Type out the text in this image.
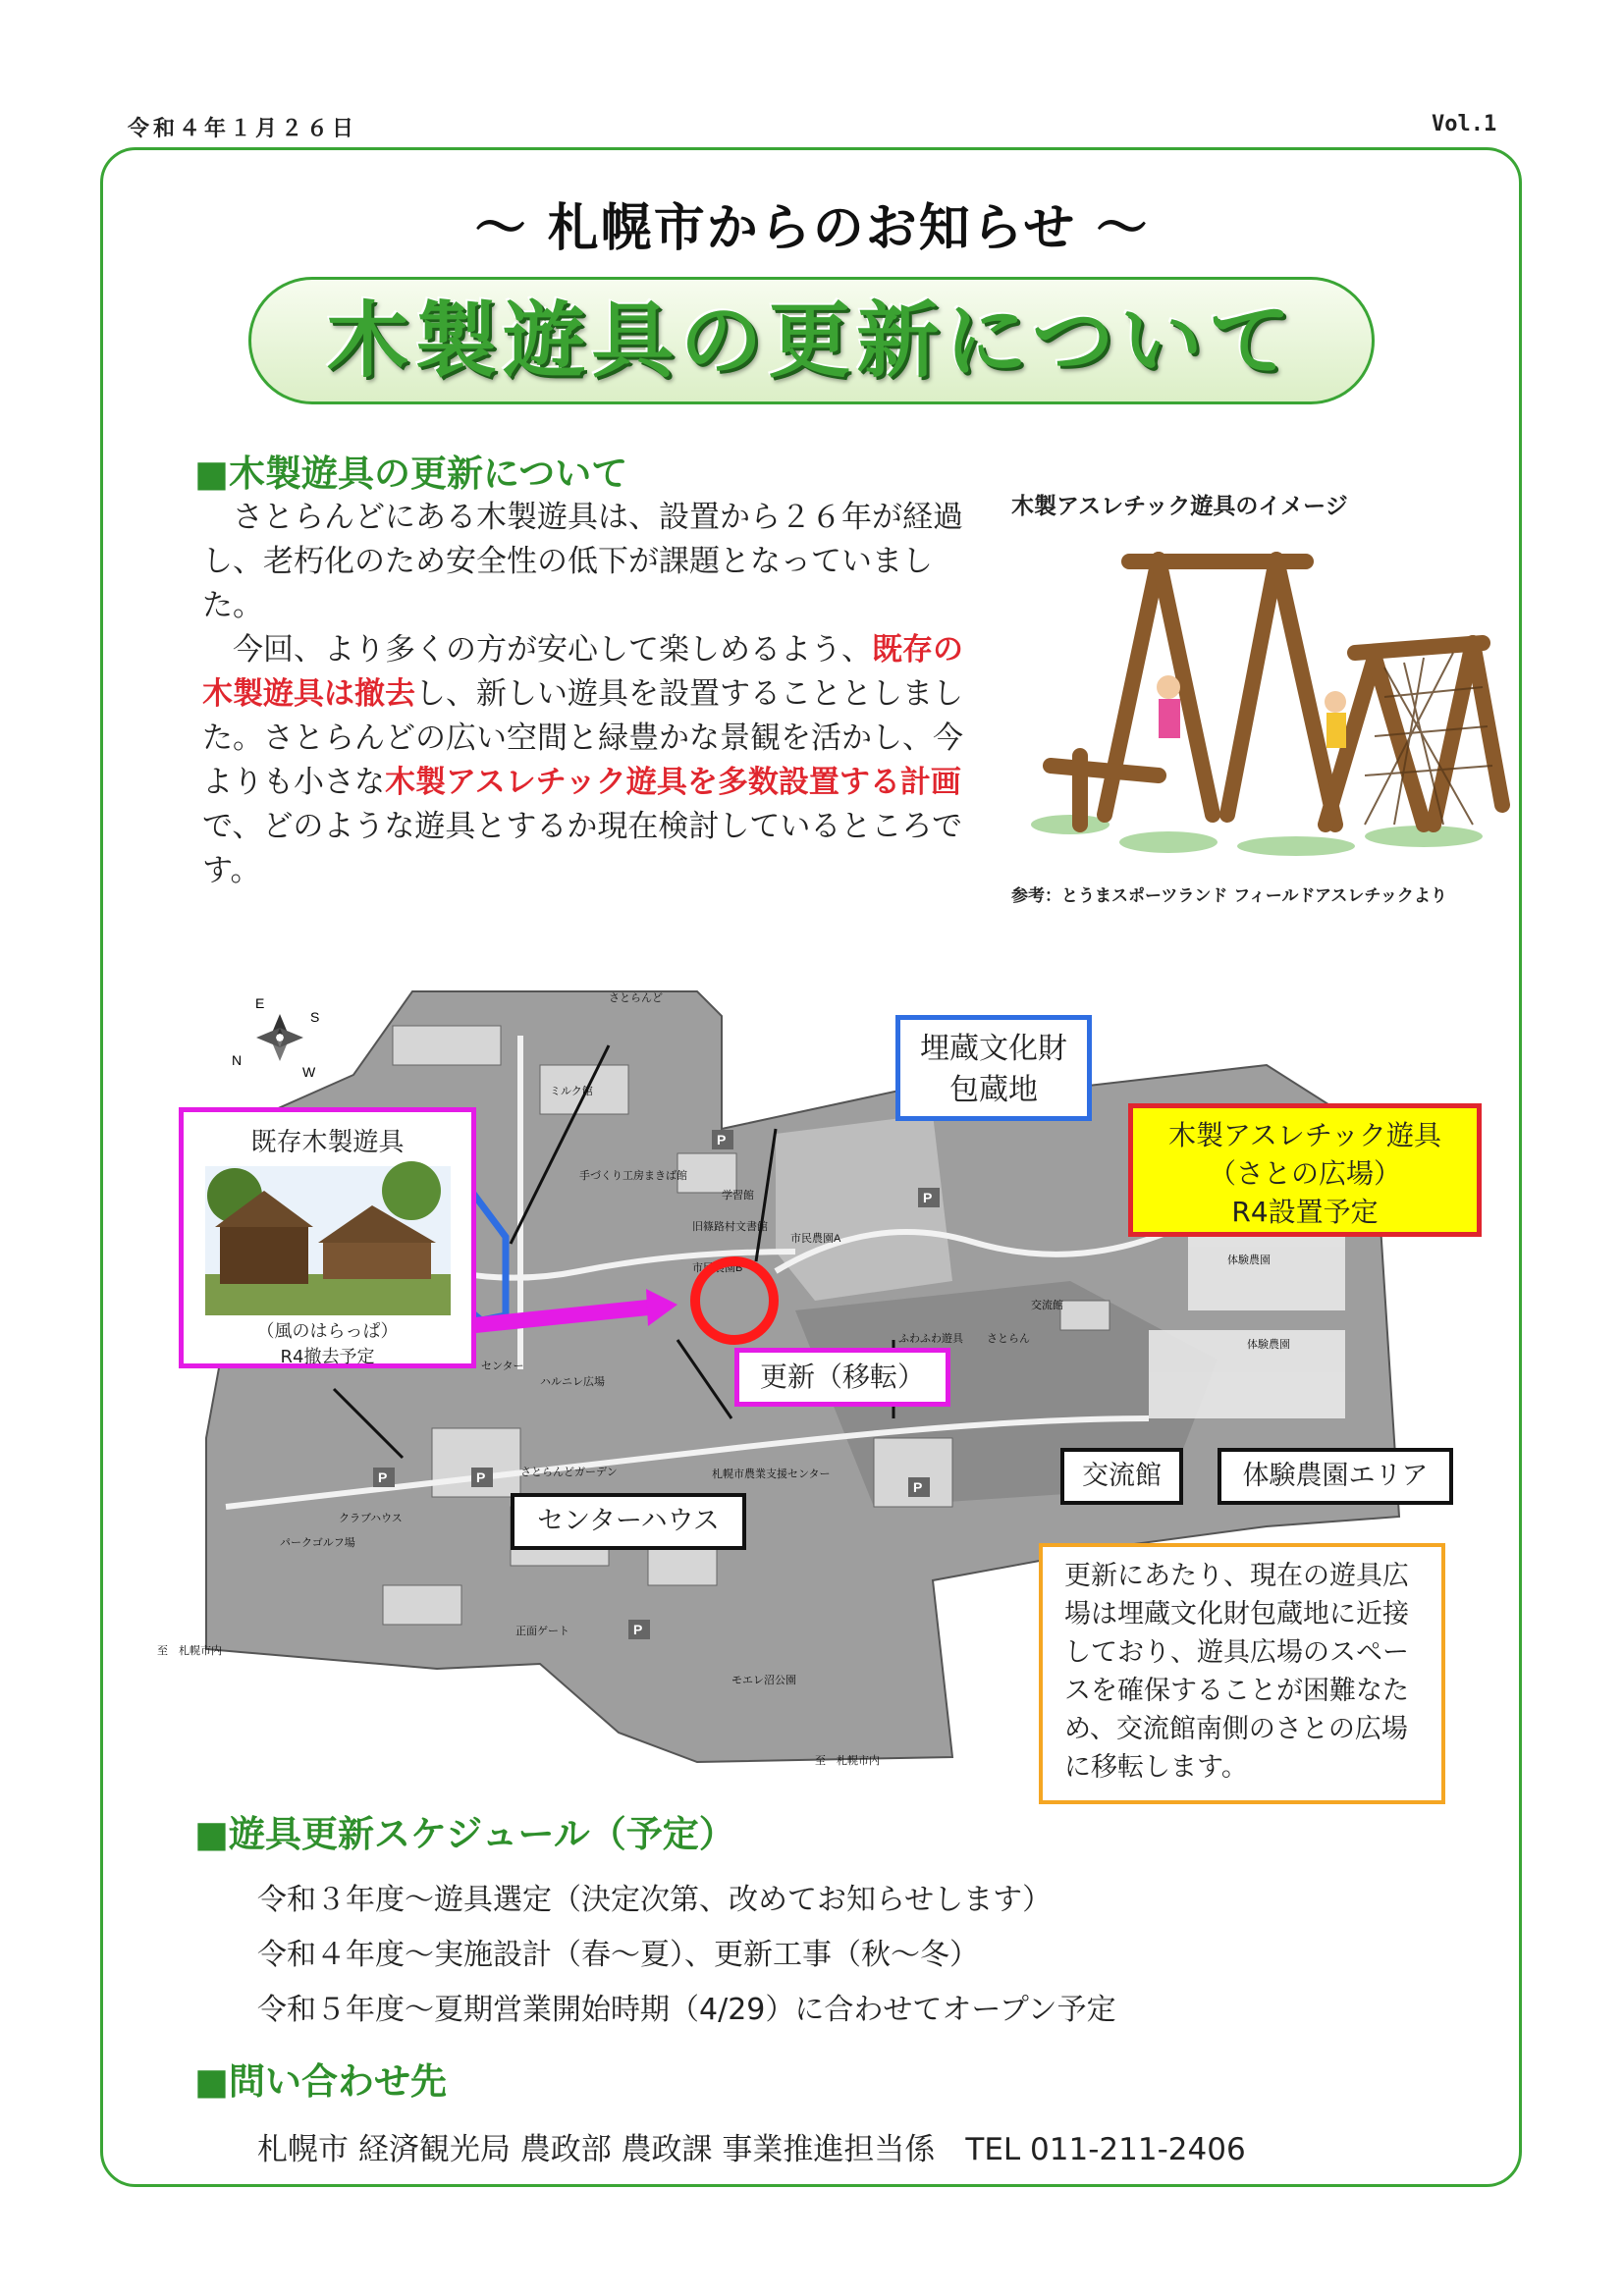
令和４年１月２６日	Vol.1
～ 札幌市からのお知らせ ～
木製遊具の更新について
■木製遊具の更新について

さとらんどにある木製遊具は、設置から２６年が経過し、老朽化のため安全性の低下が課題となっていました。

今回、より多くの方が安心して楽しめるよう、既存の木製遊具は撤去し、新しい遊具を設置することとしました。さとらんどの広い空間と緑豊かな景観を活かし、今よりも小さな木製アスレチック遊具を多数設置する計画で、どのような遊具とするか現在検討しているところです。

木製アスレチック遊具のイメージ
参考：とうまスポーツランド フィールドアスレチックより
E
S
N
W
さとらんど
ミルク館
手づくり工房まきば館
旧篠路村文書館
学習館
市民農園A
市民農園B
体験農園
体験農園
交流館
ふわふわ遊具 さとらん
センター
ハルニレ広場
さとらんどガーデン
クラブハウス
パークゴルフ場
正面ゲート
札幌市農業支援センター
モエレ沼公園
至　札幌市内
至　札幌市内
P
P
P	P
P
P
既存木製遊具
（風のはらっぱ）
R4撤去予定
埋蔵文化財
包蔵地
木製アスレチック遊具
（さとの広場）
R4設置予定
更新（移転）
センターハウス
交流館	体験農園エリア
更新にあたり、現在の遊具広場は埋蔵文化財包蔵地に近接しており、遊具広場のスペースを確保することが困難なため、交流館南側のさとの広場に移転します。
■遊具更新スケジュール（予定）
令和３年度～遊具選定（決定次第、改めてお知らせします）
令和４年度～実施設計（春～夏）、更新工事（秋～冬）
令和５年度～夏期営業開始時期（4/29）に合わせてオープン予定
■問い合わせ先
札幌市 経済観光局 農政部 農政課 事業推進担当係　TEL 011-211-2406
